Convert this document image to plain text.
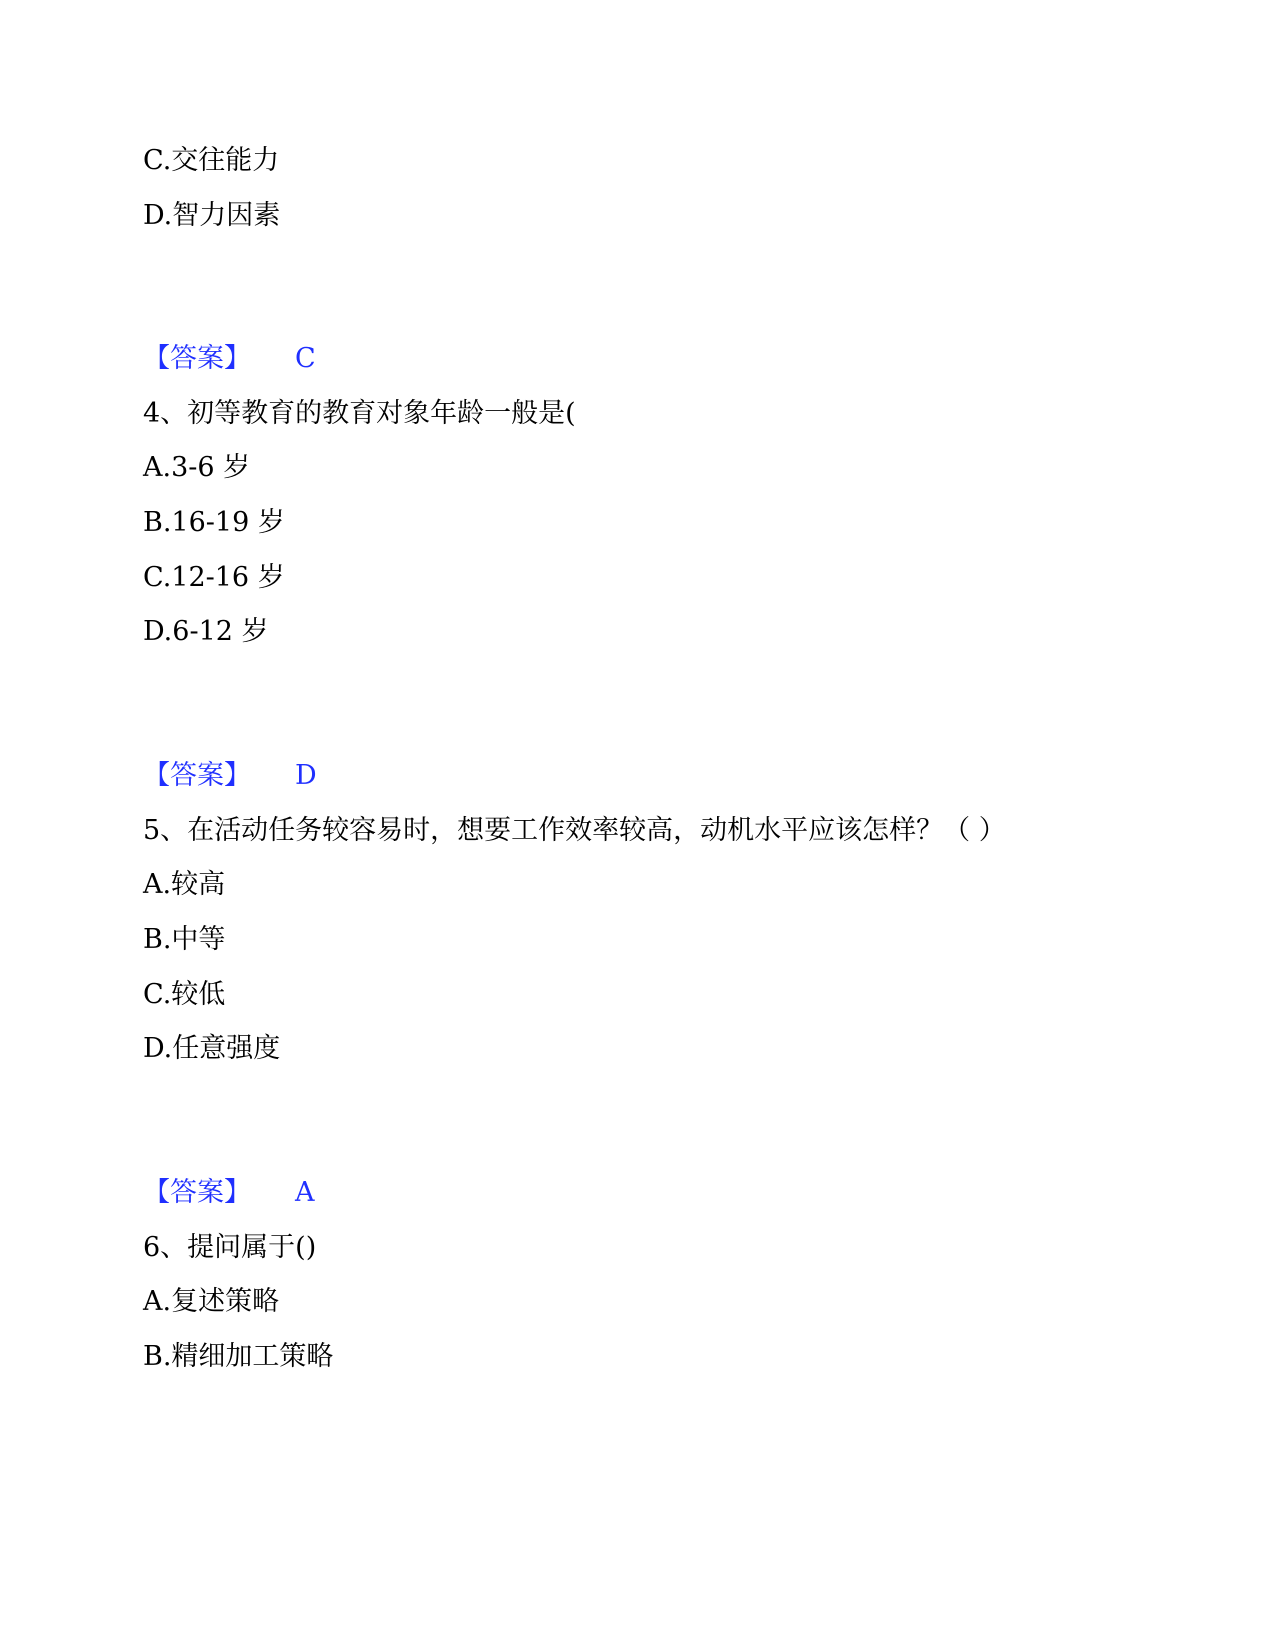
C.交往能力
D.智力因素
【答案】 C
4、初等教育的教育对象年龄一般是(
A.3-6 岁
B.16-19 岁
C.12-16 岁
D.6-12 岁
【答案】 D
5、在活动任务较容易时，想要工作效率较高，动机水平应该怎样？（ ）
A.较高
B.中等
C.较低
D.任意强度
【答案】 A
6、提问属于()
A.复述策略
B.精细加工策略
